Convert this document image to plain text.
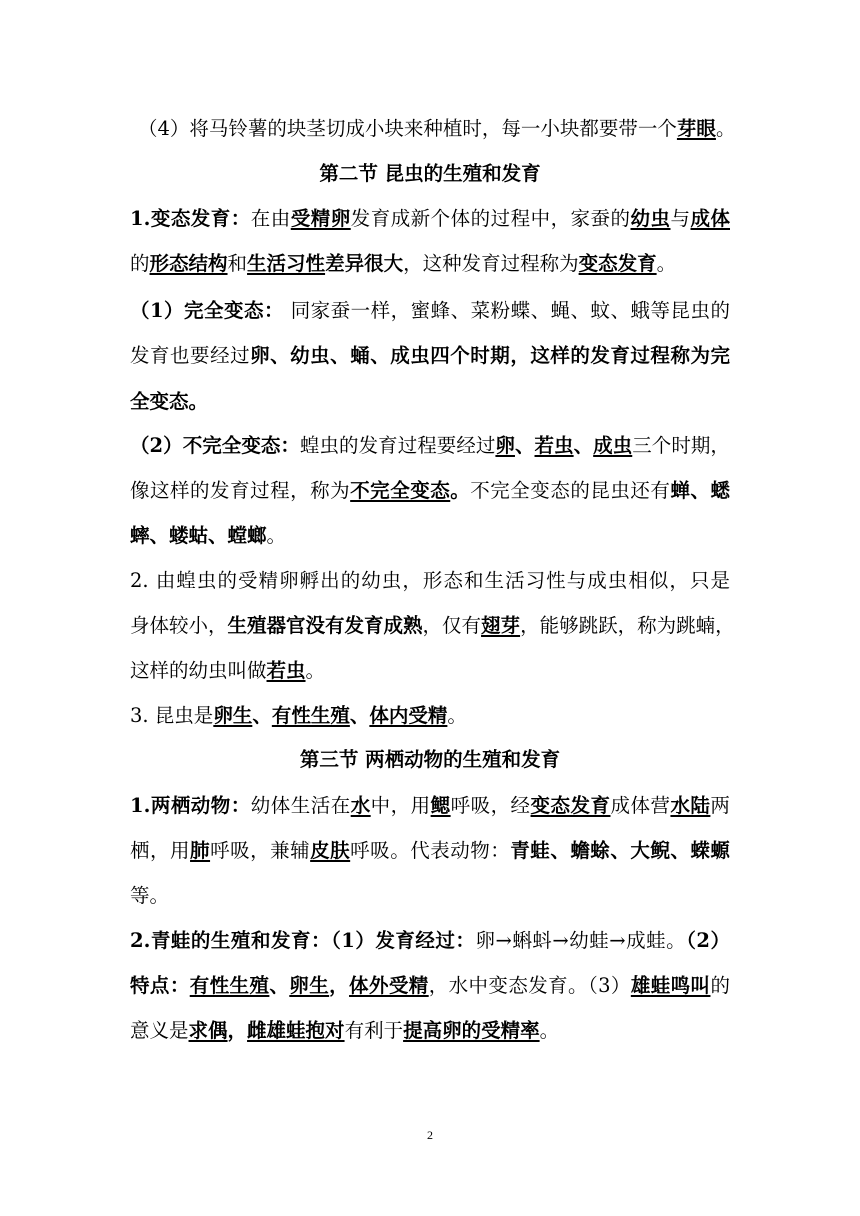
（4）将马铃薯的块茎切成小块来种植时，每一小块都要带一个芽眼。
第二节 昆虫的生殖和发育
1.变态发育：在由受精卵发育成新个体的过程中，家蚕的幼虫与成体
的形态结构和生活习性差异很大，这种发育过程称为变态发育。
（1）完全变态： 同家蚕一样，蜜蜂、菜粉蝶、蝇、蚊、蛾等昆虫的
发育也要经过卵、幼虫、蛹、成虫四个时期，这样的发育过程称为完
全变态。
（2）不完全变态：蝗虫的发育过程要经过卵、若虫、成虫三个时期，
像这样的发育过程，称为不完全变态。不完全变态的昆虫还有蝉、蟋
蟀、蝼蛄、螳螂。
2. 由蝗虫的受精卵孵出的幼虫，形态和生活习性与成虫相似，只是
身体较小，生殖器官没有发育成熟，仅有翅芽，能够跳跃，称为跳蝻，
这样的幼虫叫做若虫。
3. 昆虫是卵生、有性生殖、体内受精。
第三节 两栖动物的生殖和发育
1.两栖动物：幼体生活在水中，用鳃呼吸，经变态发育成体营水陆两
栖，用肺呼吸，兼辅皮肤呼吸。代表动物：青蛙、蟾蜍、大鲵、蝾螈
等。
2.青蛙的生殖和发育：（1）发育经过：卵→蝌蚪→幼蛙→成蛙。（2）
特点：有性生殖、卵生，体外受精，水中变态发育。（3）雄蛙鸣叫的
意义是求偶，雌雄蛙抱对有利于提高卵的受精率。
2
